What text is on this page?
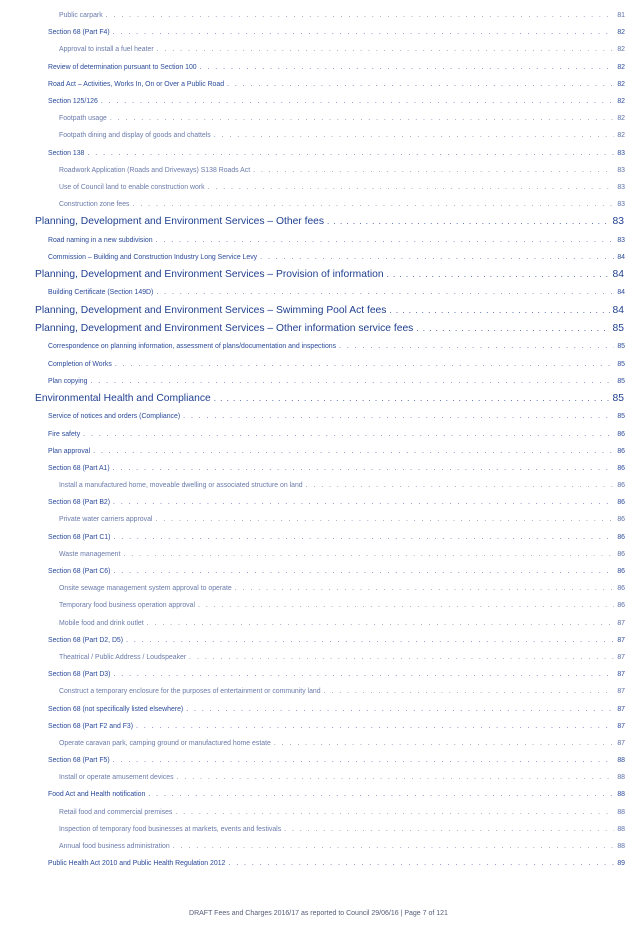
Public carpark . . .	81
Section 68 (Part F4) . . .	82
Approval to install a fuel heater . . .	82
Review of determination pursuant to Section 100 . . .	82
Road Act – Activities, Works In, On or Over a Public Road . . .	82
Section 125/126 . . .	82
Footpath usage . . .	82
Footpath dining and display of goods and chattels . . .	82
Section 138 . . .	83
Roadwork Application (Roads and Driveways) S138 Roads Act . . .	83
Use of Council land to enable construction work . . .	83
Construction zone fees . . .	83
Planning, Development and Environment Services – Other fees . . .	83
Road naming in a new subdivision . . .	83
Commission – Building and Construction Industry Long Service Levy . . .	84
Planning, Development and Environment Services – Provision of information . . .	84
Building Certificate (Section 149D) . . .	84
Planning, Development and Environment Services – Swimming Pool Act fees . . .	84
Planning, Development and Environment Services – Other information service fees . . .	85
Correspondence on planning information, assessment of plans/documentation and inspections . . .	85
Completion of Works . . .	85
Plan copying . . .	85
Environmental Health and Compliance . . .	85
Service of notices and orders (Compliance) . . .	85
Fire safety . . .	86
Plan approval . . .	86
Section 68 (Part A1) . . .	86
Install a manufactured home, moveable dwelling or associated structure on land . . .	86
Section 68 (Part B2) . . .	86
Private water carriers approval . . .	86
Section 68 (Part C1) . . .	86
Waste management . . .	86
Section 68 (Part C6) . . .	86
Onsite sewage management system approval to operate . . .	86
Temporary food business operation approval . . .	86
Mobile food and drink outlet . . .	87
Section 68 (Part D2, D5) . . .	87
Theatrical / Public Address / Loudspeaker . . .	87
Section 68 (Part D3) . . .	87
Construct a temporary enclosure for the purposes of entertainment or community land . . .	87
Section 68 (not specifically listed elsewhere) . . .	87
Section 68 (Part F2 and F3) . . .	87
Operate caravan park, camping ground or manufactured home estate . . .	87
Section 68 (Part F5) . . .	88
Install or operate amusement devices . . .	88
Food Act and Health notification . . .	88
Retail food and commercial premises . . .	88
Inspection of temporary food businesses at markets, events and festivals . . .	88
Annual food business administration . . .	88
Public Health Act 2010 and Public Health Regulation 2012 . . .	89
DRAFT Fees and Charges 2016/17 as reported to Council 29/06/16 | Page 7 of 121
